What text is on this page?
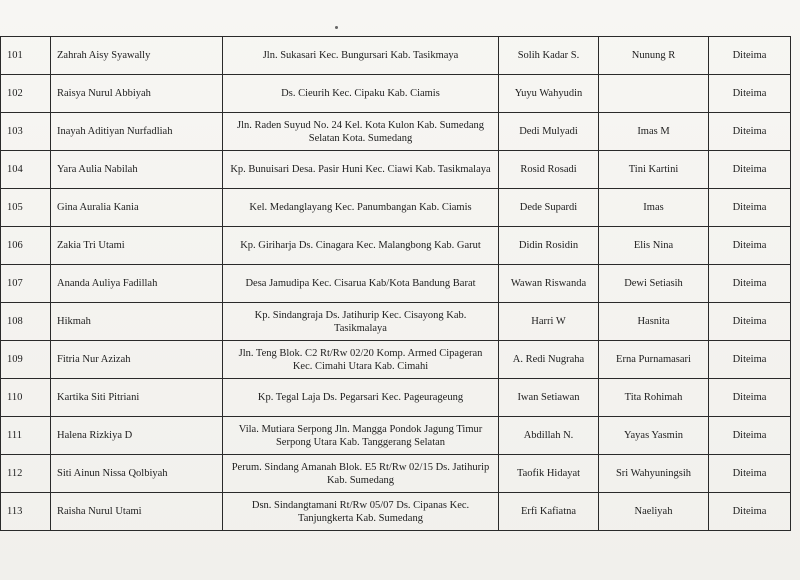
101	Zahrah Aisy Syawally	Jln. Sukasari Kec. Bungursari Kab. Tasikmaya	Solih Kadar S.	Nunung R	Diteima
102	Raisya Nurul Abbiyah	Ds. Cieurih Kec. Cipaku Kab. Ciamis	Yuyu Wahyudin		Diteima
103	Inayah Aditiyan Nurfadliah	Jln. Raden Suyud No. 24 Kel. Kota Kulon Kab. Sumedang Selatan Kota. Sumedang	Dedi Mulyadi	Imas M	Diteima
104	Yara Aulia Nabilah	Kp. Bunuisari Desa. Pasir Huni Kec. Ciawi Kab. Tasikmalaya	Rosid Rosadi	Tini Kartini	Diteima
105	Gina Auralia Kania	Kel. Medanglayang Kec. Panumbangan Kab. Ciamis	Dede Supardi	Imas	Diteima
106	Zakia Tri Utami	Kp. Giriharja Ds. Cinagara Kec. Malangbong Kab. Garut	Didin Rosidin	Elis Nina	Diteima
107	Ananda Auliya Fadillah	Desa Jamudipa Kec. Cisarua Kab/Kota Bandung Barat	Wawan Riswanda	Dewi Setiasih	Diteima
108	Hikmah	Kp. Sindangraja Ds. Jatihurip Kec. Cisayong Kab. Tasikmalaya	Harri W	Hasnita	Diteima
109	Fitria Nur Azizah	Jln. Teng Blok. C2 Rt/Rw 02/20 Komp. Armed Cipageran Kec. Cimahi Utara Kab. Cimahi	A. Redi Nugraha	Erna Purnamasari	Diteima
110	Kartika Siti Pitriani	Kp. Tegal Laja Ds. Pegarsari Kec. Pageurageung	Iwan Setiawan	Tita Rohimah	Diteima
111	Halena Rizkiya D	Vila. Mutiara Serpong Jln. Mangga Pondok Jagung Timur Serpong Utara Kab. Tanggerang Selatan	Abdillah N.	Yayas Yasmin	Diteima
112	Siti Ainun Nissa Qolbiyah	Perum. Sindang Amanah Blok. E5 Rt/Rw 02/15 Ds. Jatihurip Kab. Sumedang	Taofik Hidayat	Sri Wahyuningsih	Diteima
113	Raisha Nurul Utami	Dsn. Sindangtamani Rt/Rw 05/07 Ds. Cipanas Kec. Tanjungkerta Kab. Sumedang	Erfi Kafiatna	Naeliyah	Diteima
